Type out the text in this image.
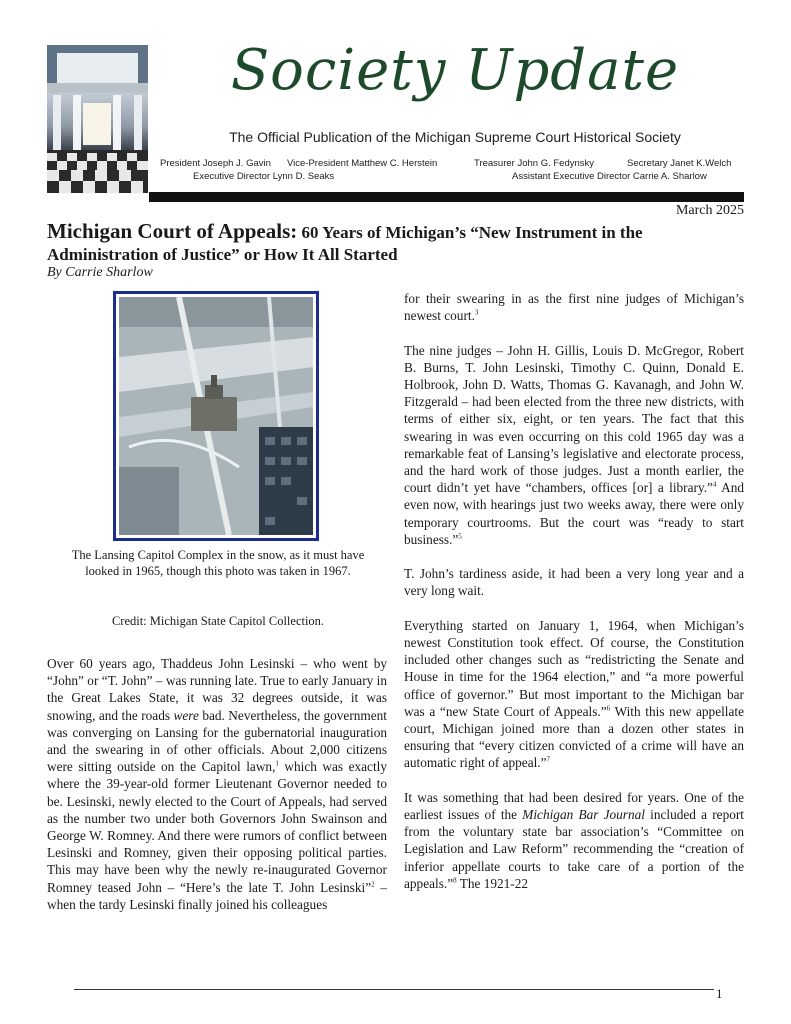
Society Update
The Official Publication of the Michigan Supreme Court Historical Society
President Joseph J. Gavin Vice-President Matthew C. Herstein	Treasurer John G. Fedynsky	Secretary Janet K.Welch
Executive Director Lynn D. Seaks	Assistant Executive Director Carrie A. Sharlow
March 2025
Michigan Court of Appeals: 60 Years of Michigan’s “New Instrument in the Administration of Justice” or How It All Started
By Carrie Sharlow
The Lansing Capitol Complex in the snow, as it must have looked in 1965, though this photo was taken in 1967.
Credit: Michigan State Capitol Collection.

Over 60 years ago, Thaddeus John Lesinski – who went by “John” or “T. John” – was running late. True to early January in the Great Lakes State, it was 32 degrees outside, it was snowing, and the roads were bad. Nevertheless, the government was converging on Lansing for the gubernatorial inauguration and the swearing in of other officials. About 2,000 citizens were sitting outside on the Capitol lawn,$^1$ which was exactly where the 39-year-old former Lieutenant Governor needed to be. Lesinski, newly elected to the Court of Appeals, had served as the number two under both Governors John Swainson and George W. Romney. And there were rumors of conflict between Lesinski and Romney, given their opposing political parties. This may have been why the newly re-inaugurated Governor Romney teased John – “Here’s the late T. John Lesinski”$^2$ – when the tardy Lesinski finally joined his colleagues

for their swearing in as the first nine judges of Michigan’s newest court.$^3$

The nine judges – John H. Gillis, Louis D. McGregor, Robert B. Burns, T. John Lesinski, Timothy C. Quinn, Donald E. Holbrook, John D. Watts, Thomas G. Kavanagh, and John W. Fitzgerald – had been elected from the three new districts, with terms of either six, eight, or ten years. The fact that this swearing in was even occurring on this cold 1965 day was a remarkable feat of Lansing’s legislative and electorate process, and the hard work of those judges. Just a month earlier, the court didn’t yet have “chambers, offices [or] a library.”$^4$ And even now, with hearings just two weeks away, there were only temporary courtrooms. But the court was “ready to start business.”$^5$

T. John’s tardiness aside, it had been a very long year and a very long wait.

Everything started on January 1, 1964, when Michigan’s newest Constitution took effect. Of course, the Constitution included other changes such as “redistricting the Senate and House in time for the 1964 election,” and “a more powerful office of governor.” But most important to the Michigan bar was a “new State Court of Appeals.”$^6$ With this new appellate court, Michigan joined more than a dozen other states in ensuring that “every citizen convicted of a crime will have an automatic right of appeal.”$^7$

It was something that had been desired for years. One of the earliest issues of the Michigan Bar Journal included a report from the voluntary state bar association’s “Committee on Legislation and Law Reform” recommending the “creation of inferior appellate courts to take care of a portion of the appeals.”$^8$ The 1921-22

1
